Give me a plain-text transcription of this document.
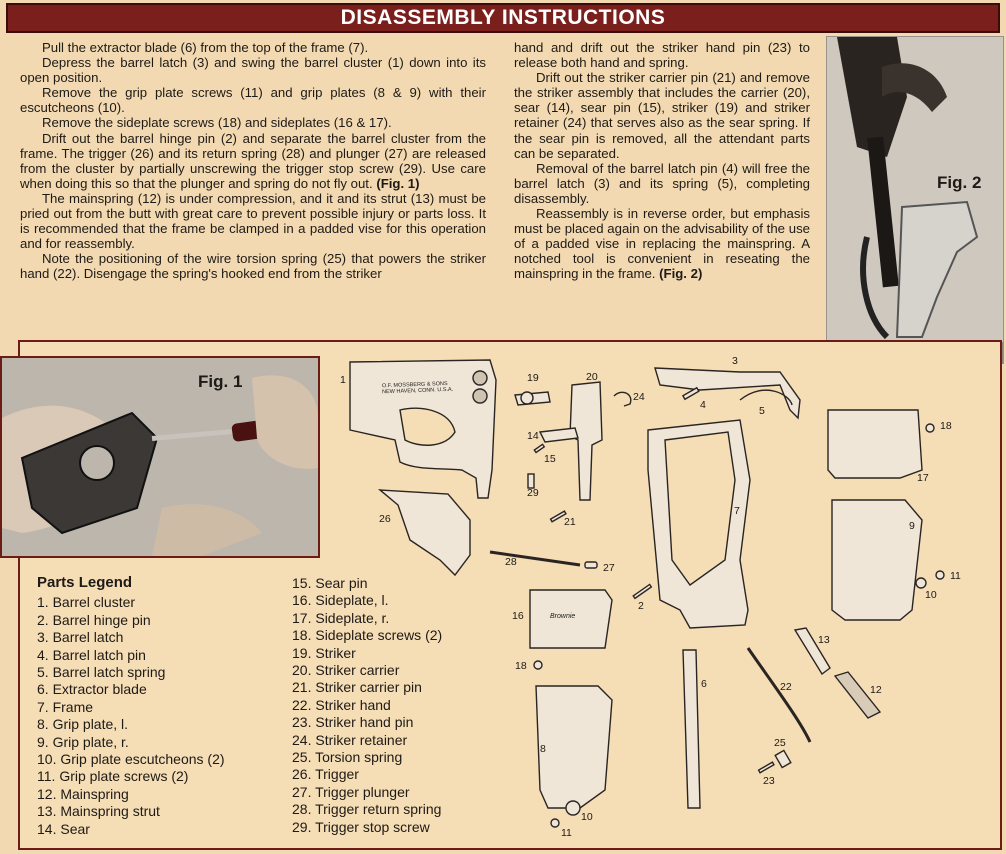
DISASSEMBLY INSTRUCTIONS

Pull the extractor blade (6) from the top of the frame (7).

Depress the barrel latch (3) and swing the barrel cluster (1) down into its open position.

Remove the grip plate screws (11) and grip plates (8 & 9) with their escutcheons (10).

Remove the sideplate screws (18) and sideplates (16 & 17).

Drift out the barrel hinge pin (2) and separate the barrel cluster from the frame. The trigger (26) and its return spring (28) and plunger (27) are released from the cluster by partially unscrewing the trigger stop screw (29). Use care when doing this so that the plunger and spring do not fly out. (Fig. 1)

The mainspring (12) is under compression, and it and its strut (13) must be pried out from the butt with great care to prevent possible injury or parts loss. It is recommended that the frame be clamped in a padded vise for this operation and for reassembly.

Note the positioning of the wire torsion spring (25) that powers the striker hand (22). Disengage the spring's hooked end from the striker

hand and drift out the striker hand pin (23) to release both hand and spring.

Drift out the striker carrier pin (21) and remove the striker assembly that includes the carrier (20), sear (14), sear pin (15), striker (19) and striker retainer (24) that serves also as the sear spring. If the sear pin is removed, all the attendant parts can be separated.

Removal of the barrel latch pin (4) will free the barrel latch (3) and its spring (5), completing disassembly.

Reassembly is in reverse order, but emphasis must be placed again on the advisability of the use of a padded vise in replacing the mainspring. A notched tool is convenient in reseating the mainspring in the frame. (Fig. 2)

Fig. 2
Fig. 1	1
2
3
4	5
6
7
8
9
10
10
11
11
12
13
14
15
16
17
18
18
19	20
21
22
23
24
25
26
27
28
29
O.F. MOSSBERG & SONS
NEW HAVEN, CONN. U.S.A.
Brownie
Parts Legend
1. Barrel cluster
2. Barrel hinge pin
3. Barrel latch
4. Barrel latch pin
5. Barrel latch spring
6. Extractor blade
7. Frame
8. Grip plate, l.
9. Grip plate, r.
10. Grip plate escutcheons (2)
11. Grip plate screws (2)
12. Mainspring
13. Mainspring strut
14. Sear
15. Sear pin
16. Sideplate, l.
17. Sideplate, r.
18. Sideplate screws (2)
19. Striker
20. Striker carrier
21. Striker carrier pin
22. Striker hand
23. Striker hand pin
24. Striker retainer
25. Torsion spring
26. Trigger
27. Trigger plunger
28. Trigger return spring
29. Trigger stop screw
